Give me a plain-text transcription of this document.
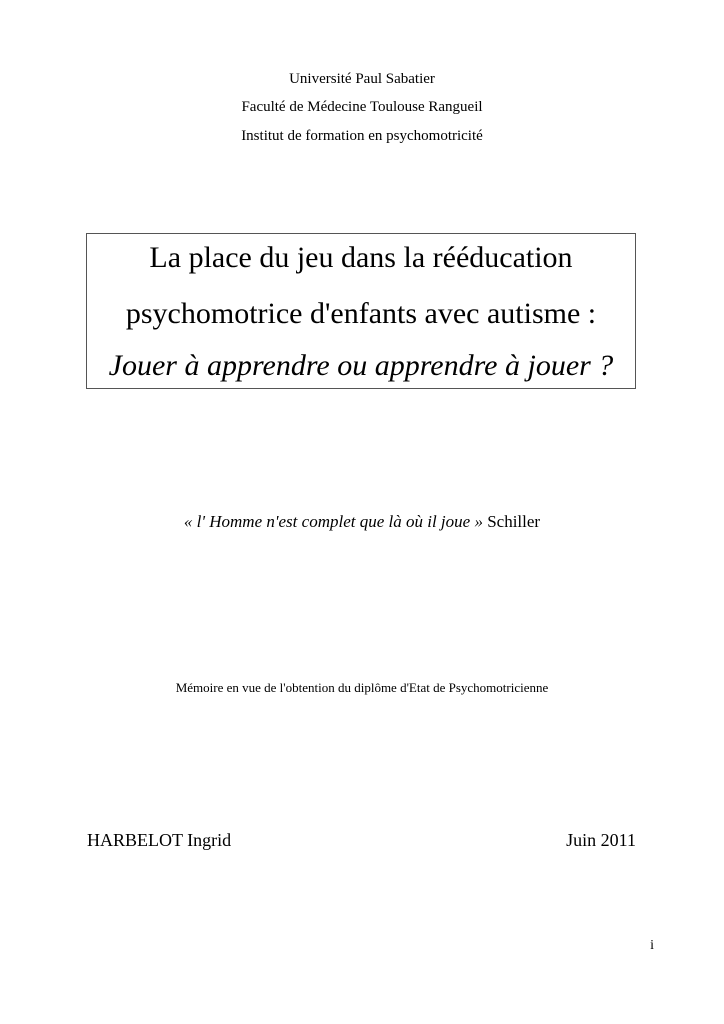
Université Paul Sabatier
Faculté de Médecine Toulouse Rangueil
Institut de formation en psychomotricité
La place du jeu dans la rééducation
psychomotrice d'enfants avec autisme :
Jouer à apprendre ou apprendre à jouer ?
« l' Homme n'est complet que là où il joue » Schiller
Mémoire en vue de l'obtention du diplôme d'Etat de Psychomotricienne
HARBELOT Ingrid	Juin 2011
i
